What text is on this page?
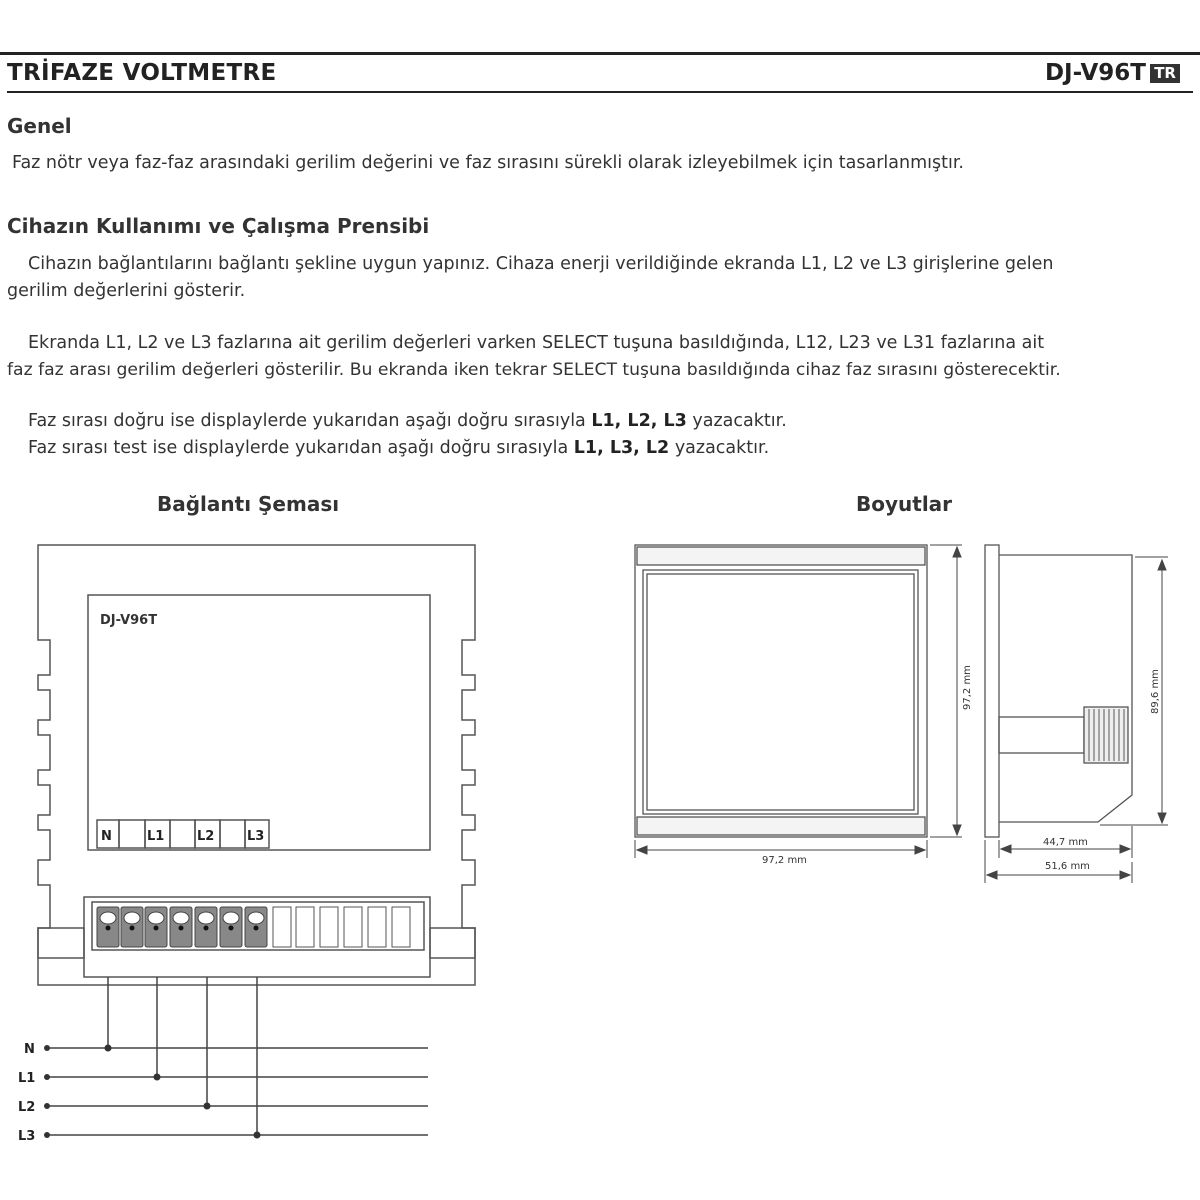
TRİFAZE VOLTMETRE	DJ-V96T TR
Genel
Faz nötr veya faz-faz arasındaki gerilim değerini ve faz sırasını sürekli olarak izleyebilmek için tasarlanmıştır.
Cihazın Kullanımı ve Çalışma Prensibi
Cihazın bağlantılarını bağlantı şekline uygun yapınız. Cihaza enerji verildiğinde ekranda L1, L2 ve L3 girişlerine gelen
gerilim değerlerini gösterir.
Ekranda L1, L2 ve L3 fazlarına ait gerilim değerleri varken SELECT tuşuna basıldığında, L12, L23 ve L31 fazlarına ait
faz faz arası gerilim değerleri gösterilir. Bu ekranda iken tekrar SELECT tuşuna basıldığında cihaz faz sırasını gösterecektir.
Faz sırası doğru ise displaylerde yukarıdan aşağı doğru sırasıyla L1, L2, L3 yazacaktır.
Faz sırası test ise displaylerde yukarıdan aşağı doğru sırasıyla L1, L3, L2 yazacaktır.
Bağlantı Şeması	Boyutlar
DJ-V96T
N	L1	L2	L3
N
L1
L2
L3
97,2 mm	89,6 mm
97,2 mm
44,7 mm
51,6 mm
